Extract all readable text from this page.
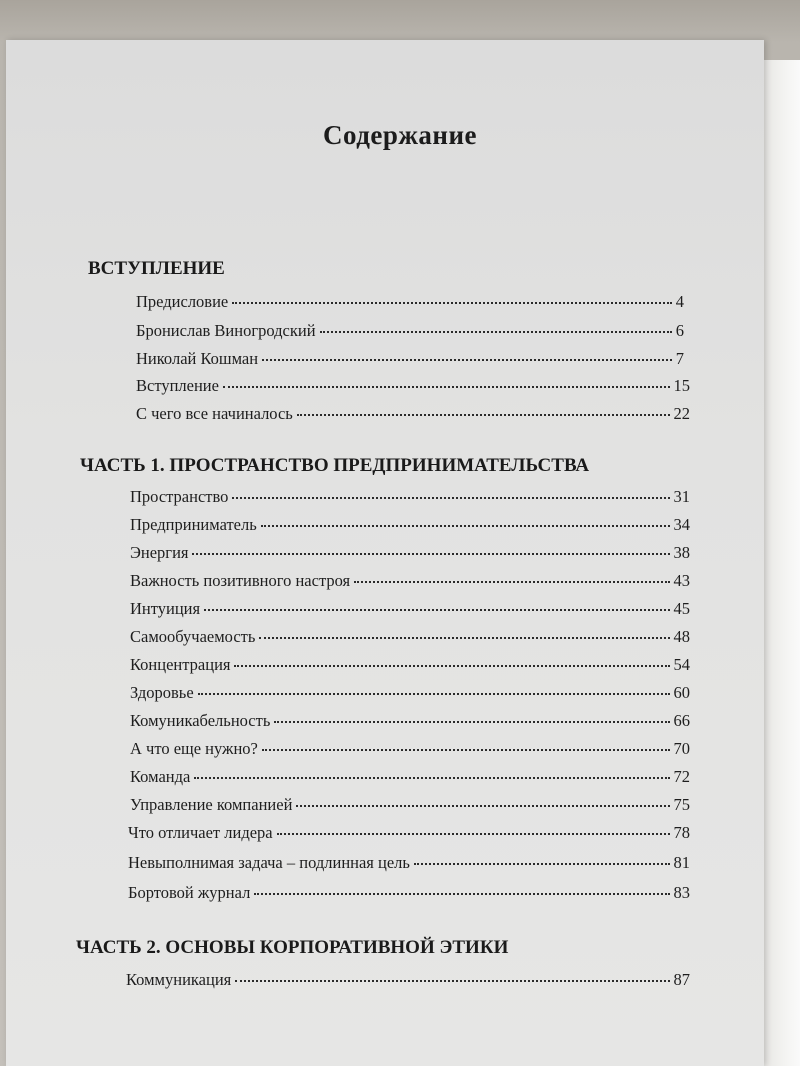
Содержание
ВСТУПЛЕНИЕ
Предисловие	4
Бронислав Виногродский	6
Николай Кошман	7
Вступление	15
С чего все начиналось	22
ЧАСТЬ 1. ПРОСТРАНСТВО ПРЕДПРИНИМАТЕЛЬСТВА
Пространство	31
Предприниматель	34
Энергия	38
Важность позитивного настроя	43
Интуиция	45
Самообучаемость	48
Концентрация	54
Здоровье	60
Комуникабельность	66
А что еще нужно?	70
Команда	72
Управление компанией	75
Что отличает лидера	78
Невыполнимая задача – подлинная цель	81
Бортовой журнал	83
ЧАСТЬ 2. ОСНОВЫ КОРПОРАТИВНОЙ ЭТИКИ
Коммуникация	87
